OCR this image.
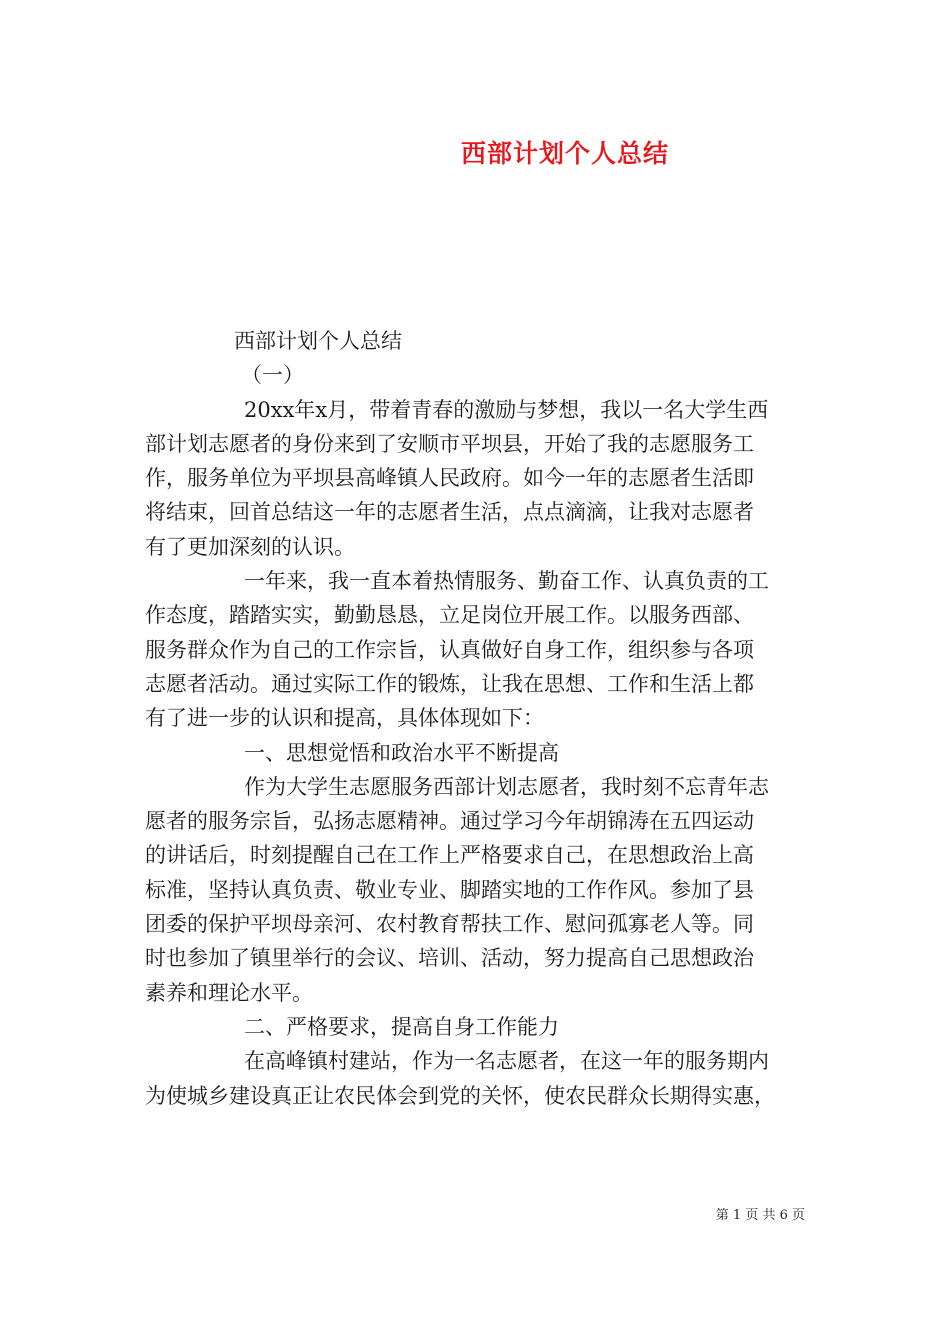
西部计划个人总结
西部计划个人总结
（一）
20xx年x月，带着青春的激励与梦想，我以一名大学生西
部计划志愿者的身份来到了安顺市平坝县，开始了我的志愿服务工
作，服务单位为平坝县高峰镇人民政府。如今一年的志愿者生活即
将结束，回首总结这一年的志愿者生活，点点滴滴，让我对志愿者
有了更加深刻的认识。
一年来，我一直本着热情服务、勤奋工作、认真负责的工
作态度，踏踏实实，勤勤恳恳，立足岗位开展工作。以服务西部、
服务群众作为自己的工作宗旨，认真做好自身工作，组织参与各项
志愿者活动。通过实际工作的锻炼，让我在思想、工作和生活上都
有了进一步的认识和提高，具体体现如下：
一、思想觉悟和政治水平不断提高
作为大学生志愿服务西部计划志愿者，我时刻不忘青年志
愿者的服务宗旨，弘扬志愿精神。通过学习今年胡锦涛在五四运动
的讲话后，时刻提醒自己在工作上严格要求自己，在思想政治上高
标准，坚持认真负责、敬业专业、脚踏实地的工作作风。参加了县
团委的保护平坝母亲河、农村教育帮扶工作、慰问孤寡老人等。同
时也参加了镇里举行的会议、培训、活动，努力提高自己思想政治
素养和理论水平。
二、严格要求，提高自身工作能力
在高峰镇村建站，作为一名志愿者，在这一年的服务期内
为使城乡建设真正让农民体会到党的关怀，使农民群众长期得实惠，
第 1 页 共 6 页
